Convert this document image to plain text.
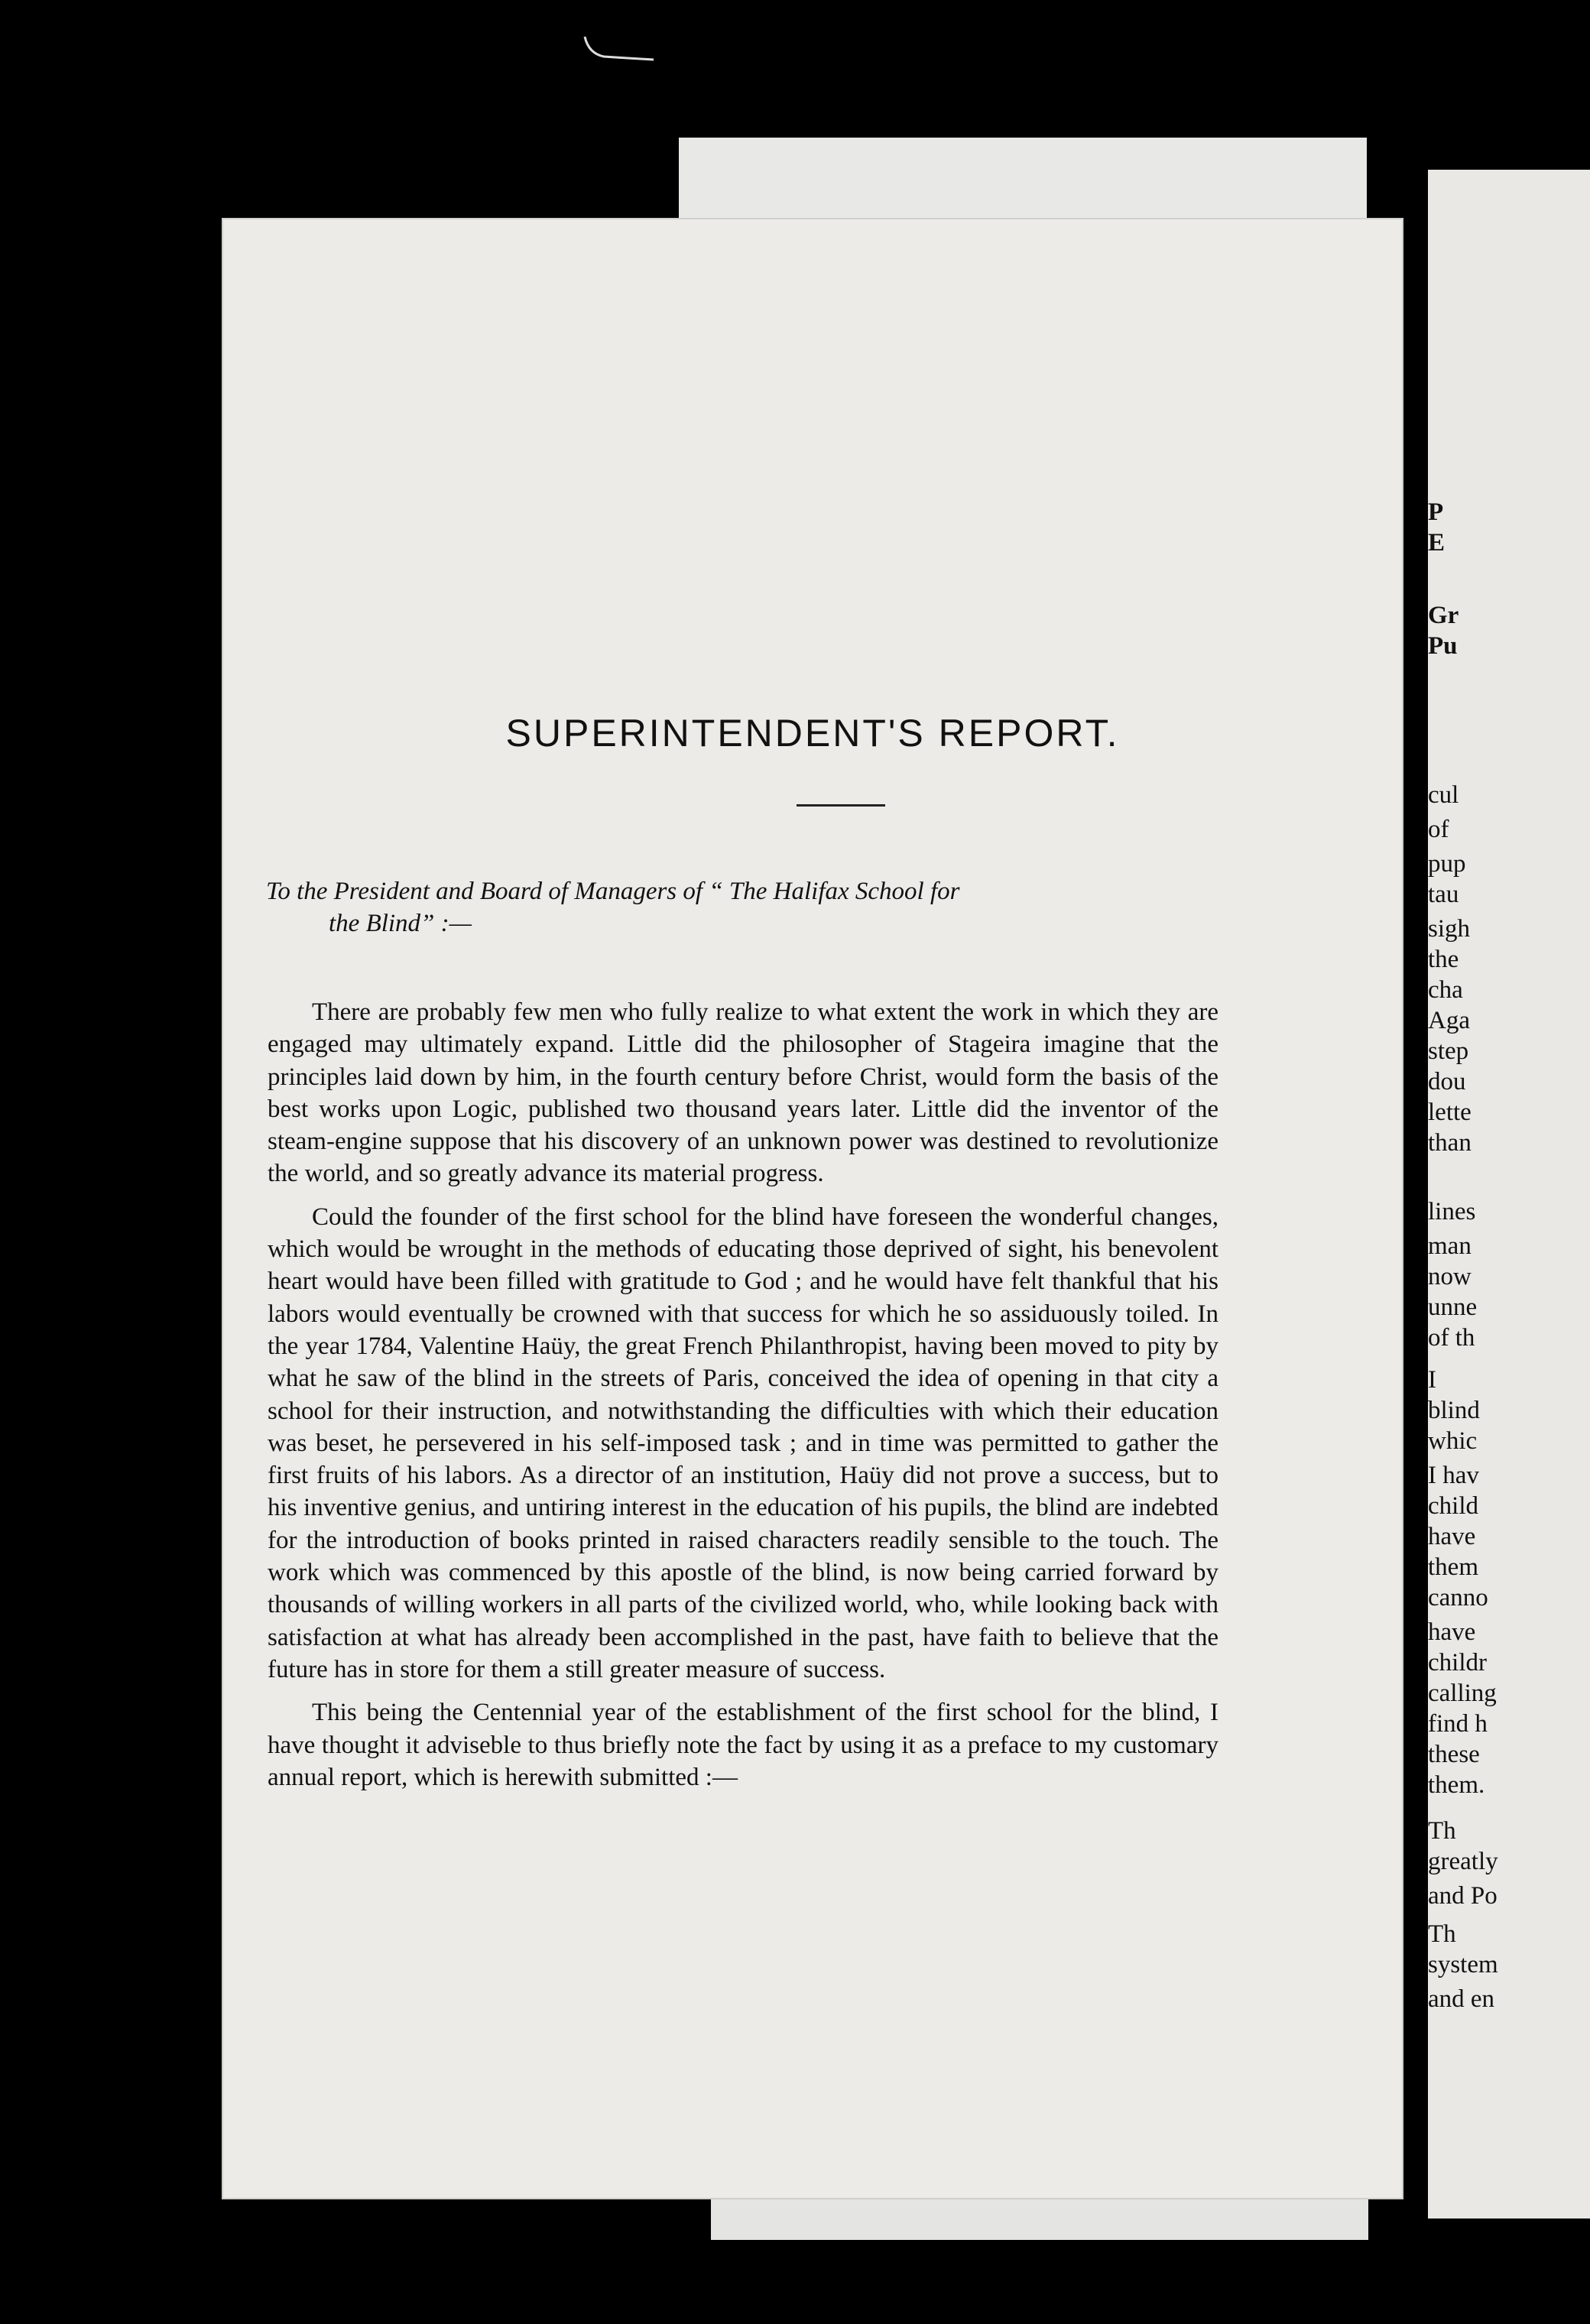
SUPERINTENDENT'S REPORT.
To the President and Board of Managers of “ The Halifax School for
the Blind” :—

There are probably few men who fully realize to what extent the work in which they are engaged may ultimately expand. Little did the philosopher of Stageira imagine that the principles laid down by him, in the fourth century before Christ, would form the basis of the best works upon Logic, published two thousand years later. Little did the inventor of the steam-engine suppose that his discovery of an unknown power was destined to revolutionize the world, and so greatly advance its material progress.

Could the founder of the first school for the blind have foreseen the wonderful changes, which would be wrought in the methods of educating those deprived of sight, his benevolent heart would have been filled with gratitude to God ; and he would have felt thankful that his labors would eventually be crowned with that success for which he so assiduously toiled. In the year 1784, Valentine Haüy, the great French Philanthropist, having been moved to pity by what he saw of the blind in the streets of Paris, conceived the idea of opening in that city a school for their instruction, and notwithstanding the difficulties with which their education was beset, he persevered in his self-imposed task ; and in time was permitted to gather the first fruits of his labors. As a director of an institution, Haüy did not prove a success, but to his inventive genius, and untiring interest in the education of his pupils, the blind are indebted for the introduction of books printed in raised characters readily sensible to the touch. The work which was commenced by this apostle of the blind, is now being carried forward by thousands of willing workers in all parts of the civilized world, who, while looking back with satisfaction at what has already been accomplished in the past, have faith to believe that the future has in store for them a still greater measure of success.

This being the Centennial year of the establishment of the first school for the blind, I have thought it adviseble to thus briefly note the fact by using it as a preface to my customary annual report, which is herewith submitted :—

P
E
Gr
Pu
cul
of
pup
tau
sigh
the
cha
Aga
step
dou
lette
than
lines
man
now
unne
of th
I
blind
whic
I hav
child
have
them
canno
have
childr
calling
find h
these
them.
Th
greatly
and Po
Th
system
and en
